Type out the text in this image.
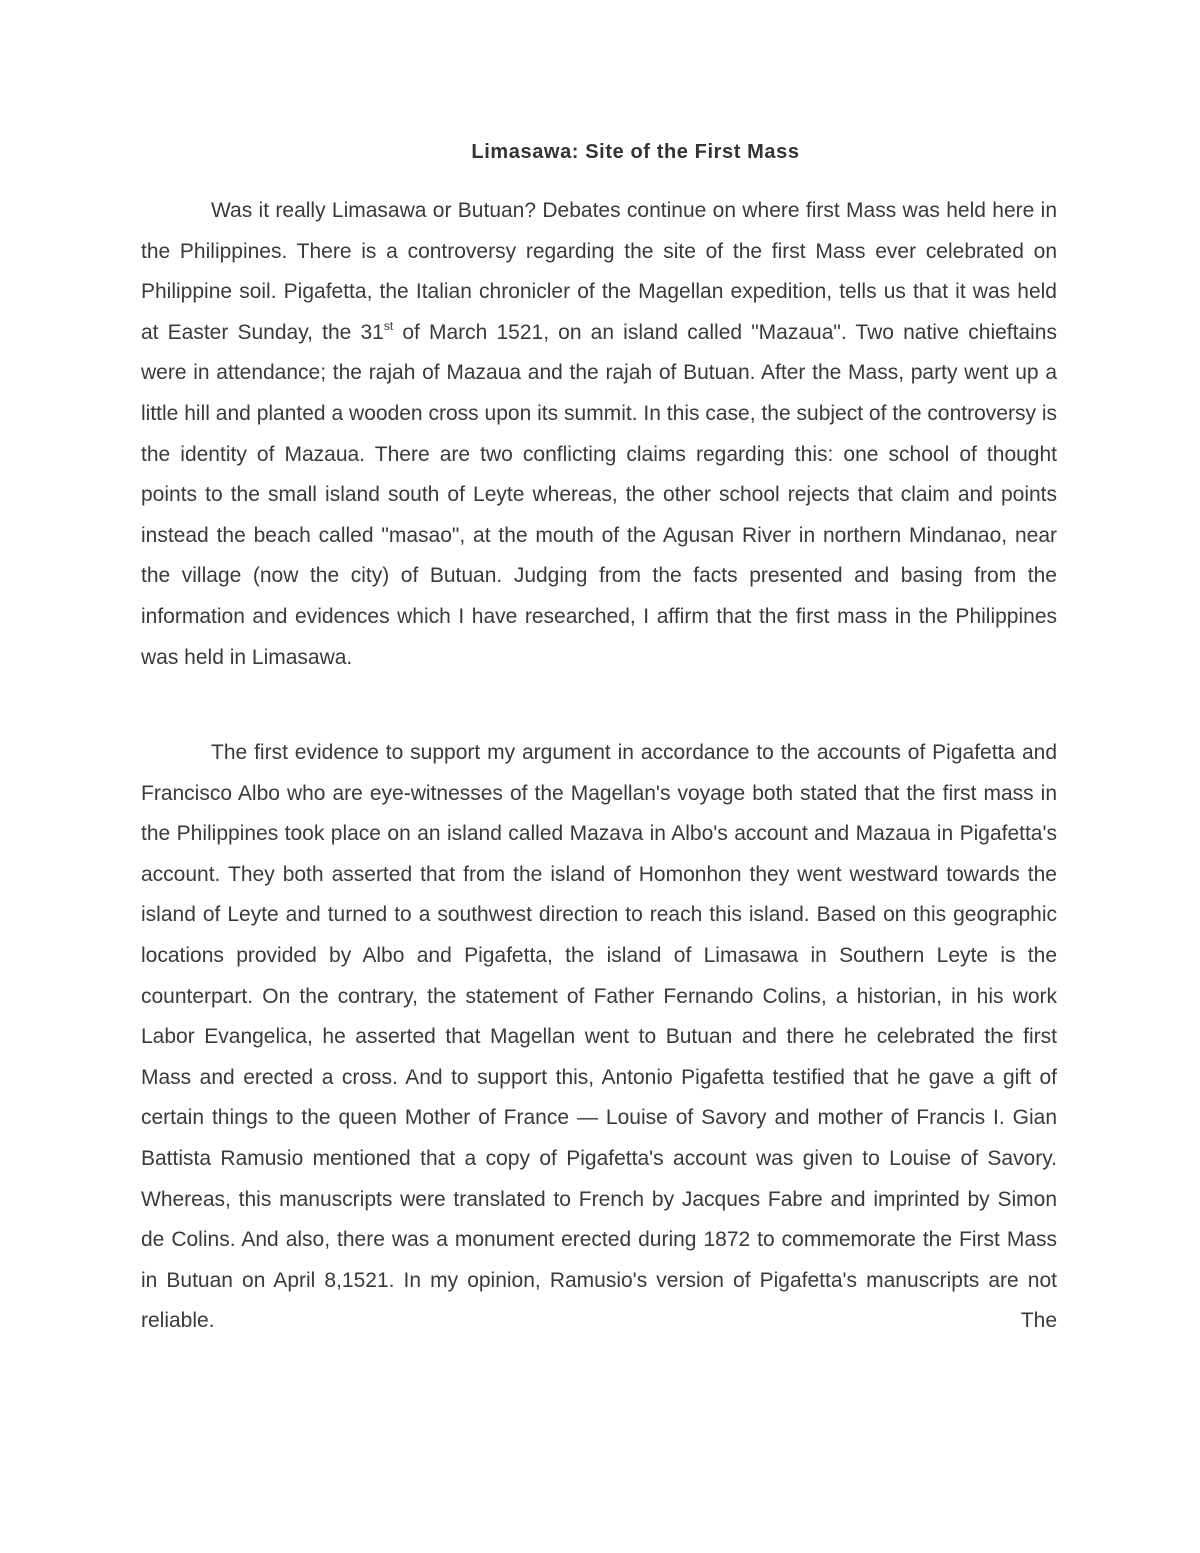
Limasawa: Site of the First Mass

Was it really Limasawa or Butuan? Debates continue on where first Mass was held here in the Philippines. There is a controversy regarding the site of the first Mass ever celebrated on Philippine soil. Pigafetta, the Italian chronicler of the Magellan expedition, tells us that it was held at Easter Sunday, the 31st of March 1521, on an island called "Mazaua". Two native chieftains were in attendance; the rajah of Mazaua and the rajah of Butuan. After the Mass, party went up a little hill and planted a wooden cross upon its summit. In this case, the subject of the controversy is the identity of Mazaua. There are two conflicting claims regarding this: one school of thought points to the small island south of Leyte whereas, the other school rejects that claim and points instead the beach called "masao", at the mouth of the Agusan River in northern Mindanao, near the village (now the city) of Butuan. Judging from the facts presented and basing from the information and evidences which I have researched, I affirm that the first mass in the Philippines was held in Limasawa.

The first evidence to support my argument in accordance to the accounts of Pigafetta and Francisco Albo who are eye-witnesses of the Magellan's voyage both stated that the first mass in the Philippines took place on an island called Mazava in Albo's account and Mazaua in Pigafetta's account. They both asserted that from the island of Homonhon they went westward towards the island of Leyte and turned to a southwest direction to reach this island. Based on this geographic locations provided by Albo and Pigafetta, the island of Limasawa in Southern Leyte is the counterpart. On the contrary, the statement of Father Fernando Colins, a historian, in his work Labor Evangelica, he asserted that Magellan went to Butuan and there he celebrated the first Mass and erected a cross. And to support this, Antonio Pigafetta testified that he gave a gift of certain things to the queen Mother of France — Louise of Savory and mother of Francis I. Gian Battista Ramusio mentioned that a copy of Pigafetta's account was given to Louise of Savory. Whereas, this manuscripts were translated to French by Jacques Fabre and imprinted by Simon de Colins. And also, there was a monument erected during 1872 to commemorate the First Mass in Butuan on April 8,1521. In my opinion, Ramusio's version of Pigafetta's manuscripts are not reliable. The
